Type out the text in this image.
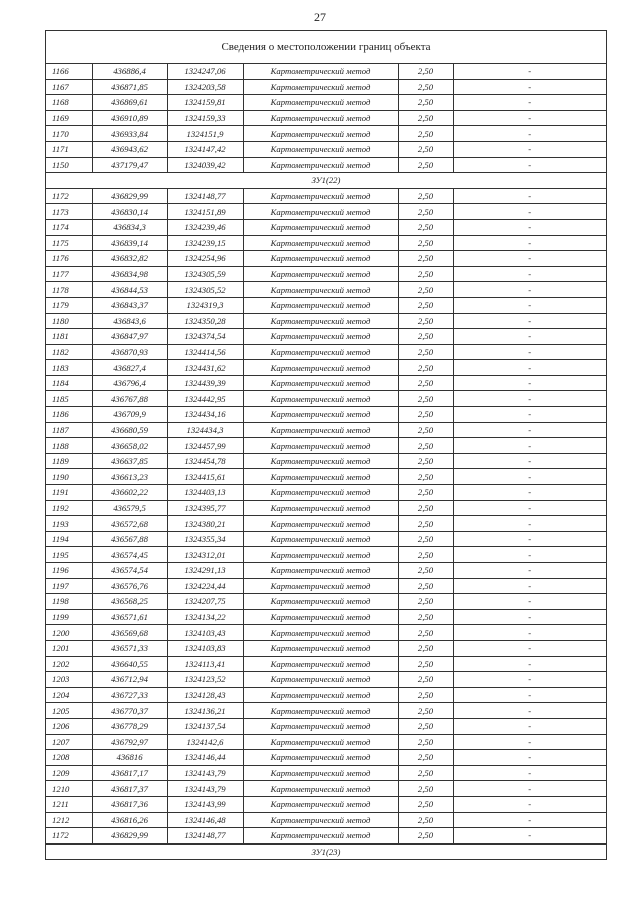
27
Сведения о местоположении границ объекта
1166	436886,4	1324247,06	Картометрический метод	2,50	-
1167	436871,85	1324203,58	Картометрический метод	2,50	-
1168	436869,61	1324159,81	Картометрический метод	2,50	-
1169	436910,89	1324159,33	Картометрический метод	2,50	-
1170	436933,84	1324151,9	Картометрический метод	2,50	-
1171	436943,62	1324147,42	Картометрический метод	2,50	-
1150	437179,47	1324039,42	Картометрический метод	2,50	-
ЗУ1(22)					
1172	436829,99	1324148,77	Картометрический метод	2,50	-
1173	436830,14	1324151,89	Картометрический метод	2,50	-
1174	436834,3	1324239,46	Картометрический метод	2,50	-
1175	436839,14	1324239,15	Картометрический метод	2,50	-
1176	436832,82	1324254,96	Картометрический метод	2,50	-
1177	436834,98	1324305,59	Картометрический метод	2,50	-
1178	436844,53	1324305,52	Картометрический метод	2,50	-
1179	436843,37	1324319,3	Картометрический метод	2,50	-
1180	436843,6	1324350,28	Картометрический метод	2,50	-
1181	436847,97	1324374,54	Картометрический метод	2,50	-
1182	436870,93	1324414,56	Картометрический метод	2,50	-
1183	436827,4	1324431,62	Картометрический метод	2,50	-
1184	436796,4	1324439,39	Картометрический метод	2,50	-
1185	436767,88	1324442,95	Картометрический метод	2,50	-
1186	436709,9	1324434,16	Картометрический метод	2,50	-
1187	436680,59	1324434,3	Картометрический метод	2,50	-
1188	436658,02	1324457,99	Картометрический метод	2,50	-
1189	436637,85	1324454,78	Картометрический метод	2,50	-
1190	436613,23	1324415,61	Картометрический метод	2,50	-
1191	436602,22	1324403,13	Картометрический метод	2,50	-
1192	436579,5	1324395,77	Картометрический метод	2,50	-
1193	436572,68	1324380,21	Картометрический метод	2,50	-
1194	436567,88	1324355,34	Картометрический метод	2,50	-
1195	436574,45	1324312,01	Картометрический метод	2,50	-
1196	436574,54	1324291,13	Картометрический метод	2,50	-
1197	436576,76	1324224,44	Картометрический метод	2,50	-
1198	436568,25	1324207,75	Картометрический метод	2,50	-
1199	436571,61	1324134,22	Картометрический метод	2,50	-
1200	436569,68	1324103,43	Картометрический метод	2,50	-
1201	436571,33	1324103,83	Картометрический метод	2,50	-
1202	436640,55	1324113,41	Картометрический метод	2,50	-
1203	436712,94	1324123,52	Картометрический метод	2,50	-
1204	436727,33	1324128,43	Картометрический метод	2,50	-
1205	436770,37	1324136,21	Картометрический метод	2,50	-
1206	436778,29	1324137,54	Картометрический метод	2,50	-
1207	436792,97	1324142,6	Картометрический метод	2,50	-
1208	436816	1324146,44	Картометрический метод	2,50	-
1209	436817,17	1324143,79	Картометрический метод	2,50	-
1210	436817,37	1324143,79	Картометрический метод	2,50	-
1211	436817,36	1324143,99	Картометрический метод	2,50	-
1212	436816,26	1324146,48	Картометрический метод	2,50	-
1172	436829,99	1324148,77	Картометрический метод	2,50	-
ЗУ1(23)
